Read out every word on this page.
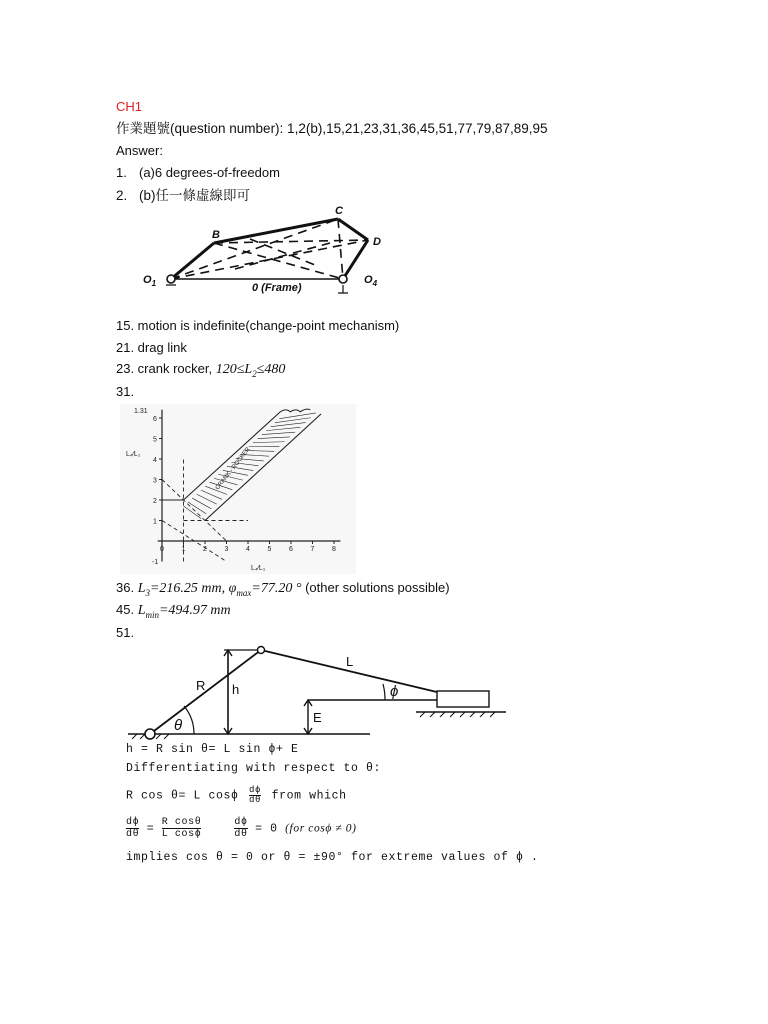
CH1
作業題號(question number): 1,2(b),15,21,23,31,36,45,51,77,79,87,89,95
Answer:
1. (a)6 degrees-of-freedom
2. (b)任一條虛線即可
B
C
D
$O_1$	$O_4$
0 (Frame)
15. motion is indefinite(change-point mechanism)
21. drag link
23. crank rocker, $120\le L_2\le 480$
31.
1.31
L₄⁄L₁
L₄⁄L₁
CRANK - ROCKER
-1
0	1	2	3	4	5	6	7	8
1
2
3
4
5
6
36. $L_3=216.25$ mm, $\varphi_{max}=77.20$ ° (other solutions possible)
45. $L_{min}=494.97$ mm
51.
R h
L
E
θ
ϕ
h = R sin θ= L sin ϕ+ E
Differentiating with respect to θ:
R cos θ= L cosϕ $\frac{d\phi}{d\theta}$ from which
$\frac{d\phi}{d\theta} = \frac{\text{R cosθ}}{\text{L cosϕ}}$
	$\frac{d\phi}{d\theta} = 0$ (for cosϕ ≠ 0)
implies cos θ = 0 or θ = ±90° for extreme values of ϕ .
